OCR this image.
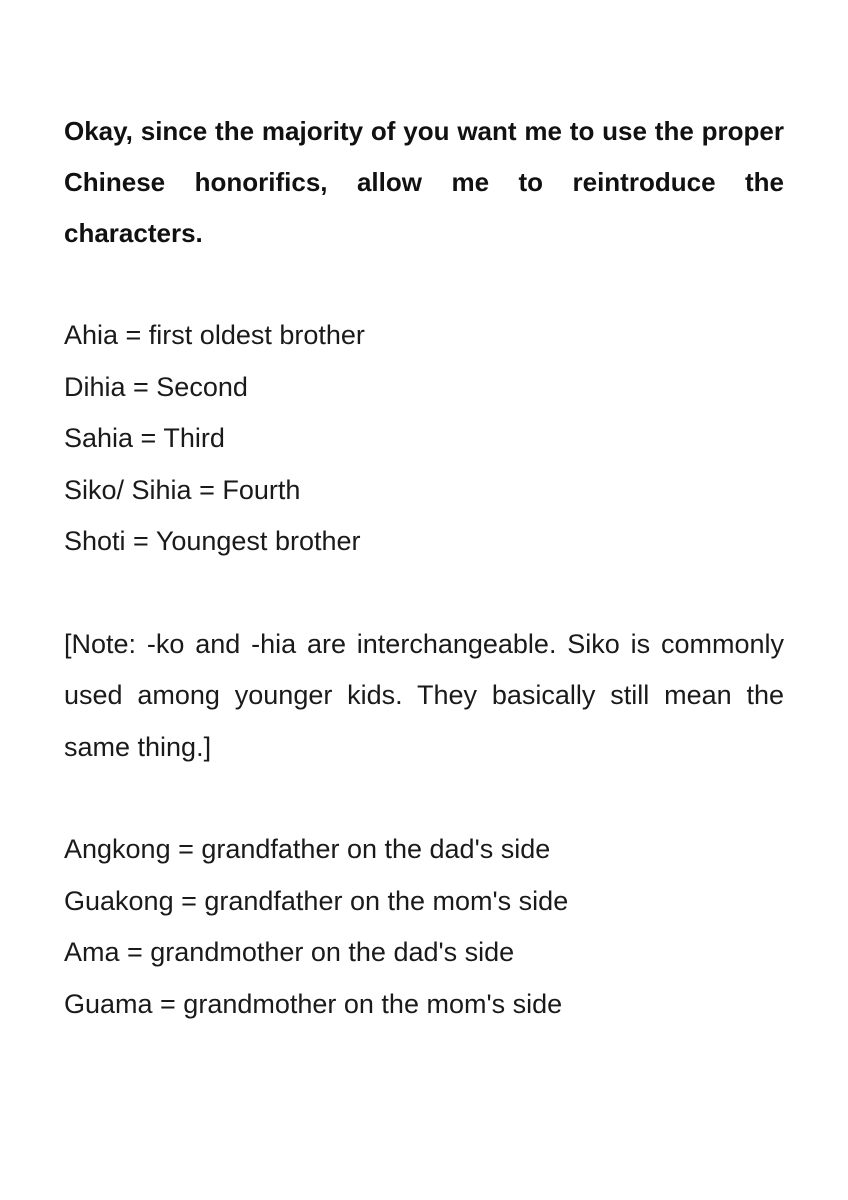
Okay, since the majority of you want me to use the proper Chinese honorifics, allow me to reintroduce the characters.

Ahia = first oldest brother
Dihia = Second
Sahia = Third
Siko/ Sihia = Fourth
Shoti = Youngest brother

[Note: -ko and -hia are interchangeable. Siko is commonly used among younger kids. They basically still mean the same thing.]

Angkong = grandfather on the dad's side
Guakong = grandfather on the mom's side
Ama = grandmother on the dad's side
Guama = grandmother on the mom's side
